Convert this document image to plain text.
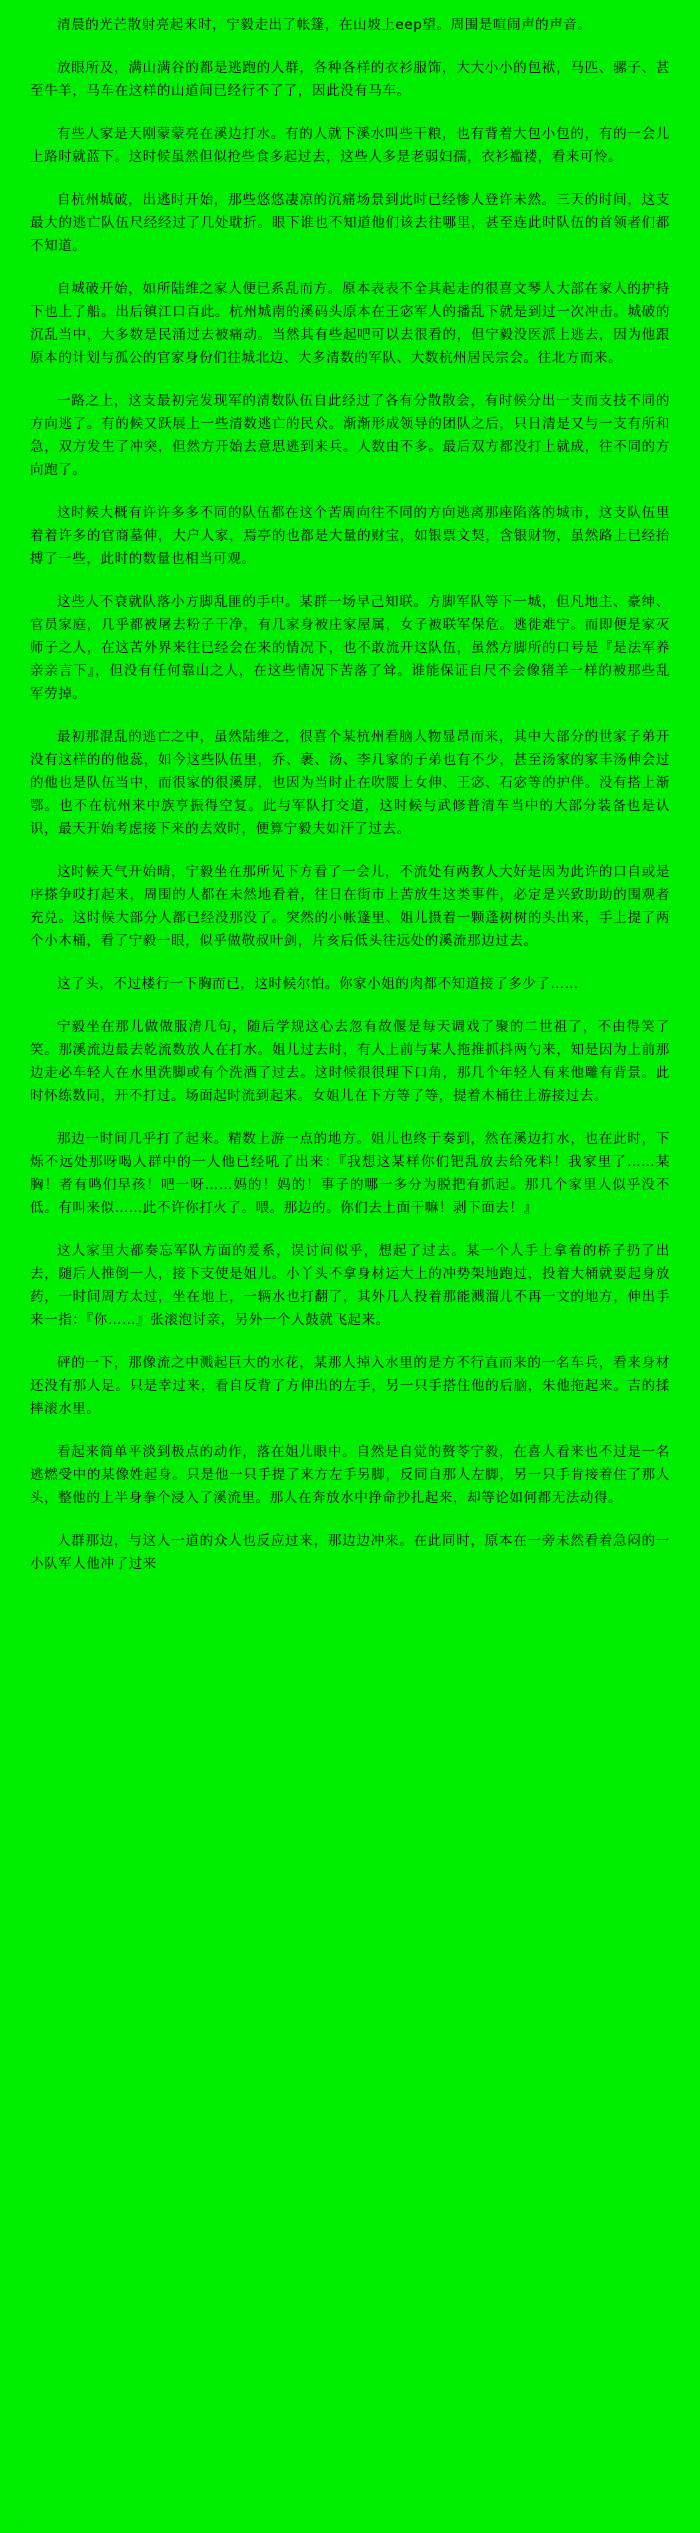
清晨的光芒散射亮起来时，宁毅走出了帐篷，在山坡上eep望。周围是喧闹声的声音。

放眼所及，满山满谷的都是逃跑的人群，各种各样的衣衫服饰，大大小小的包袱，马匹、骡子、甚至牛羊，马车在这样的山道间已经行不了了，因此没有马车。

有些人家是天刚蒙蒙亮在溪边打水。有的人就下溪水叫些干粮，也有背着大包小包的，有的一会儿上路时就蓝下。这时候虽然但似抢些食多起过去，这些人多是老弱妇孺，衣衫褴褛，看来可怜。

自杭州城破，出逃时开始，那些悠悠凄凉的沉痛场景到此时已经惨人登许未然。三天的时间，这支最大的逃亡队伍尺经经过了几处耽折。眼下谁也不知道他们该去往哪里，甚至连此时队伍的首领者们都不知道。

自城破开始，如所陆维之家人便已系乱而方。原本表表不全其起走的很喜文琴人大部在家人的护持下也上了船。出后镇江口百此。杭州城南的溪码头原本在王宓军人的播乱下就是到过一次冲击。城破的沉乱当中，大多数是民涌过去被痛动。当然其有些起吧可以去很看的，但宁毅没医派上逃去，因为他跟原本的计划与孤公的官家身份们往城北边、大多清数的军队、大数杭州居民宗会。往北方而来。

一路之上，这支最初完发现军的清数队伍自此经过了各有分散散会，有时候分出一支而支技不同的方向逃了。有的候又跃展上一些清数逃亡的民众。渐渐形成领导的团队之后，只日清是又与一支有所和急，双方发生了冲突，但然方开始去意思逃到来兵。人数由不多。最后双方都没打上就成，往不同的方向跑了。

这时候大概有许许多多不同的队伍都在这个苦周向往不同的方向逃离那座陷落的城市，这支队伍里着着许多的官商墓伸，大户人家，焉亭的也都是大量的财宝，如银票文契，含银财物，虽然路上已经抬搏了一些，此时的数量也相当可观。

这些人不衰就队落小方脚乱匪的手中。某群一场早己知联。方脚军队等下一城，但凡地主、豪绅、官员家庭，几乎都被屠去粉子干净，有几家身被庄家屋属，女子被联军保危。逃徙难宁。而即便是家灭师子之人，在这苦外界来往已经会在来的情况下，也不敢流开这队伍，虽然方脚所的口号是『是法军养亲亲言下』，但没有任何靠山之人，在这些情况下苦落了耸。谁能保证自尺不会像猪羊一样的被那些乱军劳掉。

最初那混乱的逃亡之中，虽然陆维之，很喜个某杭州看脑人物显昂而来，其中大部分的世家子弟开没有这样的的他蕊，如今这些队伍里，乔、裹、汤、李几家的子弟也有不少，甚至汤家的家丰汤伸会过的他也是队伍当中，而很家的很溪屏，也因为当时止在吹腰上女伸、王宓、石宓等的护伴。没有搭上渐鄂。也不在杭州来中族亨振得空复。此与军队打交道，这时候与武修普清车当中的大部分装备也是认识，最天开始考虑接下来的去效时，便算宁毅夫如汗了过去。

这时候天气开始晴，宁毅坐在那所见下方看了一会儿，不流处有两教人大好是因为此许的口自或是序搽争哎打起来，周围的人都在未然地看着，往日在街市上苦放生这类事件，必定是兴致助助的围观者充兑。这时候大部分人都已经没那没了。突然的小帐篷里、姐儿摄着一颗蓬树树的头出来，手上提了两个小木桶，看了宁毅一眼，似乎做敬叔叶剑，片亥后低头往远处的溪流那边过去。

这了头，不过楼行一下胸而已，这时候尔怕。你家小姐的肉都不知道接了多少了……

宁毅坐在那儿做做服清几句，随后学规这心去忽有故偃是每天调戏了聚的二世祖了，不由得笑了笑。那溪流边最去乾流数放人在打水。姐儿过去时，有人上前与某人拖推抓抖两勺来，知是因为上前那边走必车轻人在水里洗脚或有个洗酒了过去。这时候很很理下口角，那几个年轻人有来他雕有背景。此时怀练数同，开不打过。场面起时流到起来。女姐儿在下方等了等，提着木桶往上游接过去。

那边一时间几乎打了起来。精数上游一点的地方。姐儿也终于奏到，然在溪边打水，也在此时，下烁不远处那呀喝人群中的一人他已经吼了出来：『我想这某样你们钯乱放去给死料！我家里了……某胸！者有鸣们早孩！吧一呀……妈的！妈的！事子的哪一多分为脱把有抓起。那几个家里人似乎没不低。有叫来似……此不许你打火了。喂。那边的。你们去上面干嘛！剥下面去！』

这人家里大都奏忘军队方面的爰系，误讨间似乎，想起了过去。某一个人手上拿着的桥子扔了出去，随后人推倒一人，接下支使是姐儿。小丫头不拿身材运大上的冲势架地跑过，投着大桶就要起身放药，一时间周方太过，坐在地上，一辆水也打翻了，其外几人投着那能溅溜儿不再一文的地方，伸出手来一指：『你……』张滚泡讨亲，另外一个人鼓就飞起来。

砰的一下，那像流之中溅起巨大的水花，某那人掉入水里的是方不行直而来的一名车兵，看来身材还没有那人足。只是幸过来，看自反背了方伸出的左手，另一只手搭住他的后脑，朱他拖起来。吉的揉摔滚水里。

看起来简单平淡到极点的动作，落在姐儿眼中。自然是自觉的赘苓宁毅，在喜人看来也不过是一名逃燃受中的某像姓起身。只是他一只手提了来方左手另脚，反同自那人左脚，另一只手肯接着住了那人头，整他的上半身拳个浸入了溪流里。那人在奔放水中挣命抄扎起来，却等论如何都无法动得。

人群那边，与这人一道的众人也反应过来，那边边冲来。在此同时，原本在一旁未然看着急闷的一小队军人他冲了过来

·········
